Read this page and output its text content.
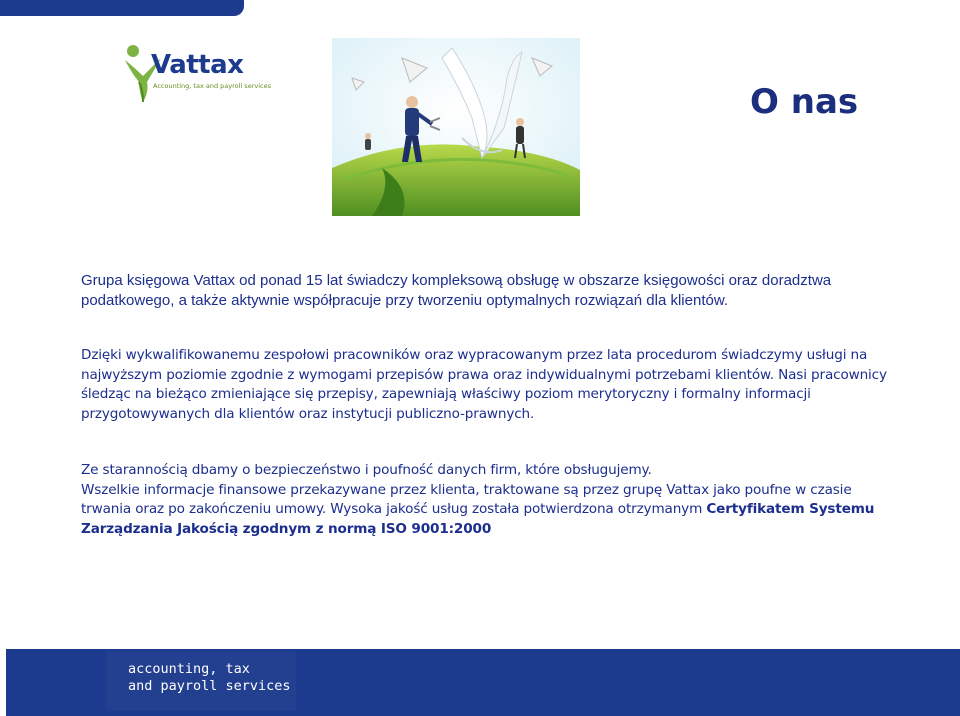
Vattax
Accounting, tax and payroll services	O nas
Grupa księgowa Vattax od ponad 15 lat świadczy kompleksową obsługę w obszarze księgowości oraz doradztwa podatkowego, a także aktywnie współpracuje przy tworzeniu optymalnych rozwiązań dla klientów.
Dzięki wykwalifikowanemu zespołowi pracowników oraz wypracowanym przez lata procedurom świadczymy usługi na najwyższym poziomie zgodnie z wymogami przepisów prawa oraz indywidualnymi potrzebami klientów. Nasi pracownicy śledząc na bieżąco zmieniające się przepisy, zapewniają właściwy poziom merytoryczny i formalny informacji przygotowywanych dla klientów oraz instytucji publiczno-prawnych.
Ze starannością dbamy o bezpieczeństwo i poufność danych firm, które obsługujemy.
Wszelkie informacje finansowe przekazywane przez klienta, traktowane są przez grupę Vattax jako poufne w czasie trwania oraz po zakończeniu umowy. Wysoka jakość usług została potwierdzona otrzymanym Certyfikatem Systemu Zarządzania Jakością zgodnym z normą ISO 9001:2000
accounting, tax
and payroll services
